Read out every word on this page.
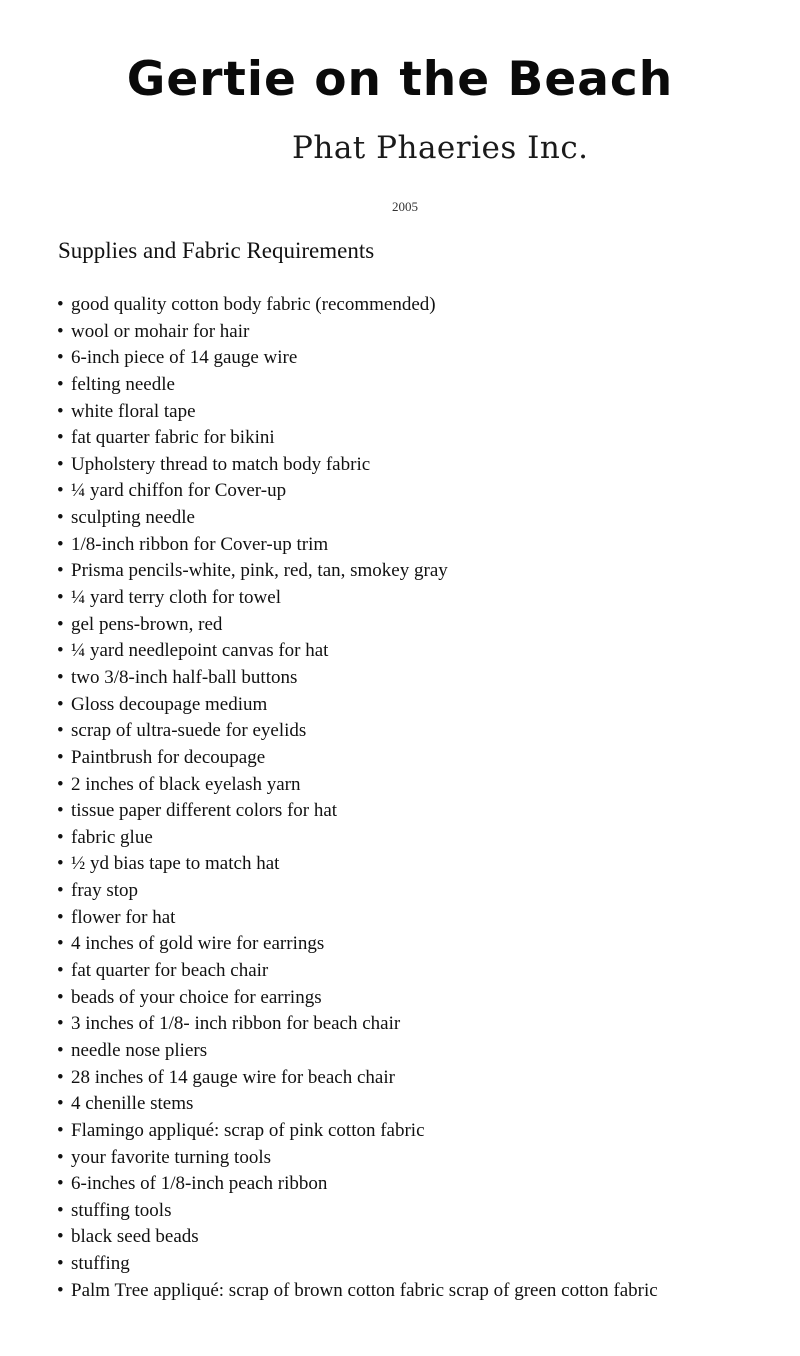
Gertie on the Beach
Phat Phaeries Inc.
2005
Supplies and Fabric Requirements
• good quality cotton body fabric (recommended)
• wool or mohair for hair
• 6-inch piece of 14 gauge wire
• felting needle
• white floral tape
• fat quarter fabric for bikini
• Upholstery thread to match body fabric
• ¼ yard chiffon for Cover-up
• sculpting needle
• 1/8-inch ribbon for Cover-up trim
• Prisma pencils-white, pink, red, tan, smokey gray
• ¼ yard terry cloth for towel
• gel pens-brown, red
• ¼ yard needlepoint canvas for hat
• two 3/8-inch half-ball buttons
• Gloss decoupage medium
• scrap of ultra-suede for eyelids
• Paintbrush for decoupage
• 2 inches of black eyelash yarn
• tissue paper different colors for hat
• fabric glue
• ½ yd bias tape to match hat
• fray stop
• flower for hat
• 4 inches of gold wire for earrings
• fat quarter for beach chair
• beads of your choice for earrings
• 3 inches of 1/8- inch ribbon for beach chair
• needle nose pliers
• 28 inches of 14 gauge wire for beach chair
• 4 chenille stems
• Flamingo appliqué: scrap of pink cotton fabric
• your favorite turning tools
• 6-inches of 1/8-inch peach ribbon
• stuffing tools
• black seed beads
• stuffing
• Palm Tree appliqué: scrap of brown cotton fabric scrap of green cotton fabric
